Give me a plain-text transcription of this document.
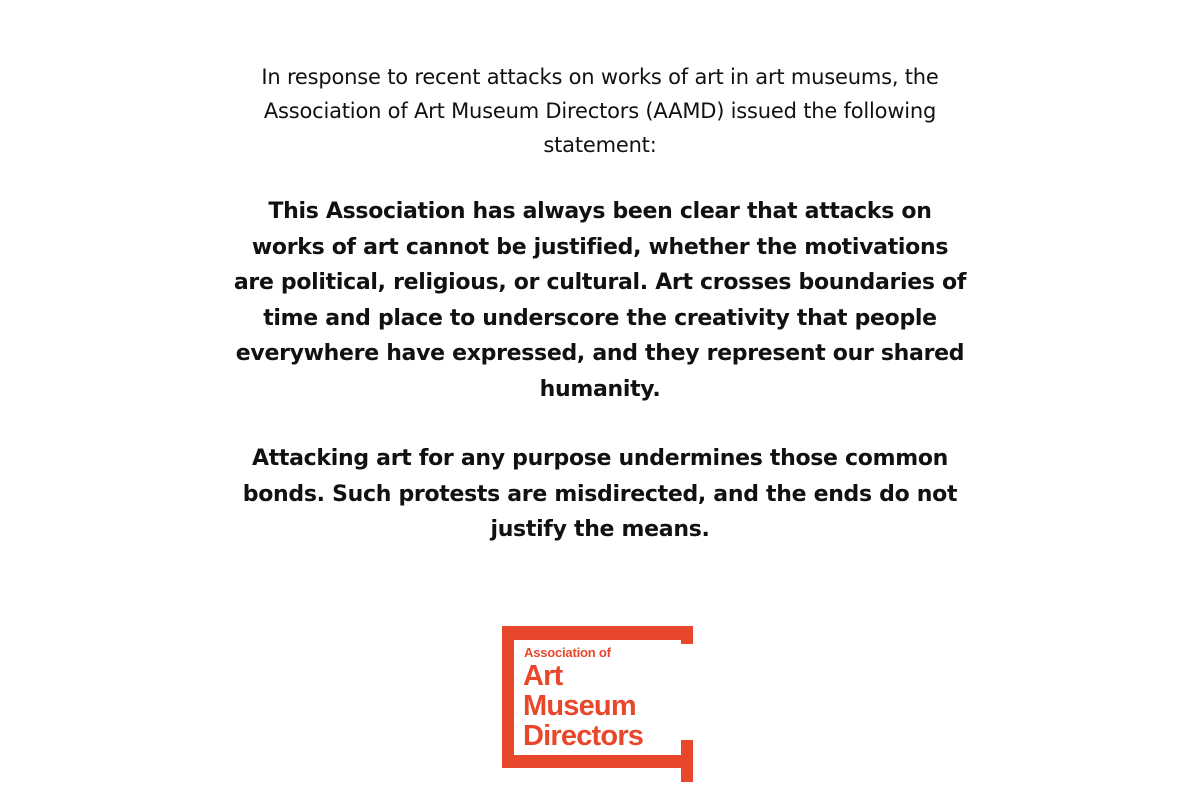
In response to recent attacks on works of art in art museums, the Association of Art Museum Directors (AAMD) issued the following statement:
This Association has always been clear that attacks on works of art cannot be justified, whether the motivations are political, religious, or cultural. Art crosses boundaries of time and place to underscore the creativity that people everywhere have expressed, and they represent our shared humanity.
Attacking art for any purpose undermines those common bonds. Such protests are misdirected, and the ends do not justify the means.
Association of
Art
Museum
Directors
